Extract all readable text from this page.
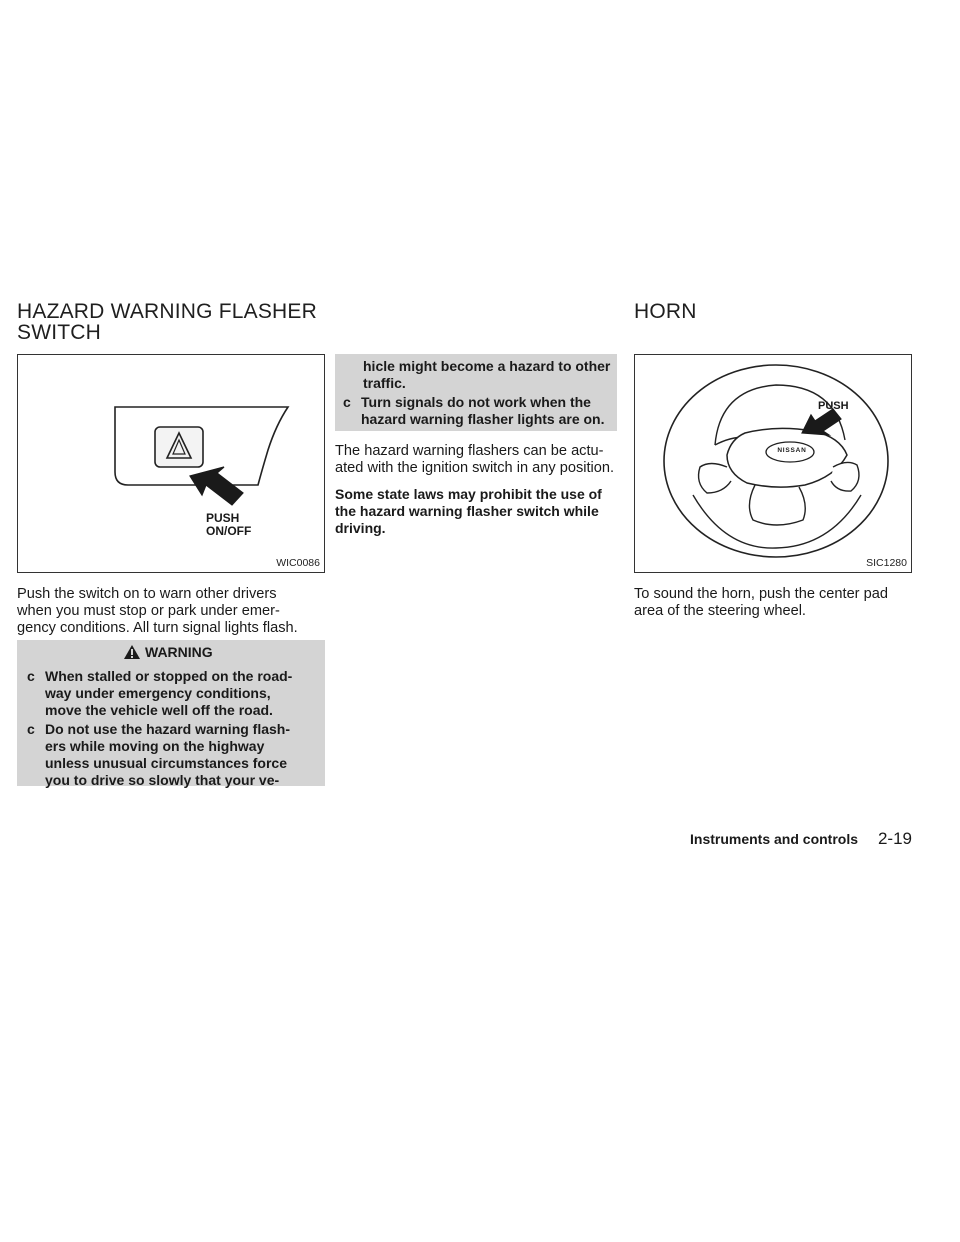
HAZARD WARNING FLASHER
SWITCH
HORN
PUSH
ON/OFF
WIC0086
Push the switch on to warn other drivers
when you must stop or park under emer-
gency conditions. All turn signal lights flash.
WARNING
c When stalled or stopped on the road-
way under emergency conditions,
move the vehicle well off the road.
c Do not use the hazard warning flash-
ers while moving on the highway
unless unusual circumstances force
you to drive so slowly that your ve-
hicle might become a hazard to other
traffic.
c Turn signals do not work when the
hazard warning flasher lights are on.
The hazard warning flashers can be actu-
ated with the ignition switch in any position.
Some state laws may prohibit the use of
the hazard warning flasher switch while
driving.
NISSAN
PUSH
SIC1280
To sound the horn, push the center pad
area of the steering wheel.
Instruments and controls 2-19
